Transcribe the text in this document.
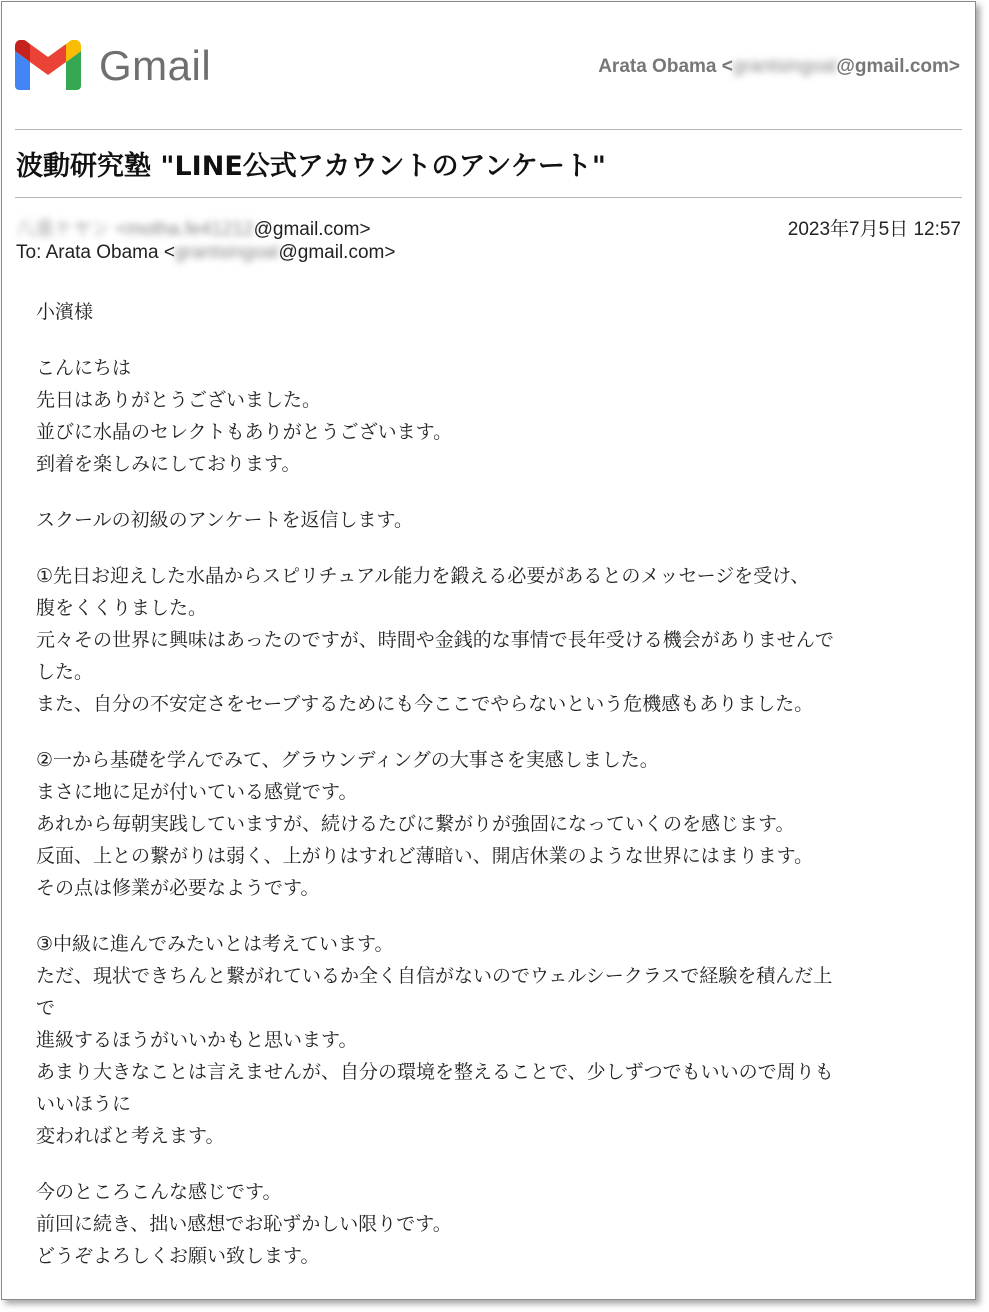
Gmail	Arata Obama <grantsingoal@gmail.com>
波動研究塾 "LINE公式アカウントのアンケート"
八重ケヤン <motha.fe41212@gmail.com>	2023年7月5日 12:57
To: Arata Obama <grantsingoal@gmail.com>
小濱様
こんにちは
先日はありがとうございました。
並びに水晶のセレクトもありがとうございます。
到着を楽しみにしております。
スクールの初級のアンケートを返信します。
①先日お迎えした水晶からスピリチュアル能力を鍛える必要があるとのメッセージを受け、
腹をくくりました。
元々その世界に興味はあったのですが、時間や金銭的な事情で長年受ける機会がありませんで
した。
また、自分の不安定さをセーブするためにも今ここでやらないという危機感もありました。
②一から基礎を学んでみて、グラウンディングの大事さを実感しました。
まさに地に足が付いている感覚です。
あれから毎朝実践していますが、続けるたびに繋がりが強固になっていくのを感じます。
反面、上との繋がりは弱く、上がりはすれど薄暗い、開店休業のような世界にはまります。
その点は修業が必要なようです。
③中級に進んでみたいとは考えています。
ただ、現状できちんと繋がれているか全く自信がないのでウェルシークラスで経験を積んだ上
で
進級するほうがいいかもと思います。
あまり大きなことは言えませんが、自分の環境を整えることで、少しずつでもいいので周りも
いいほうに
変わればと考えます。
今のところこんな感じです。
前回に続き、拙い感想でお恥ずかしい限りです。
どうぞよろしくお願い致します。
